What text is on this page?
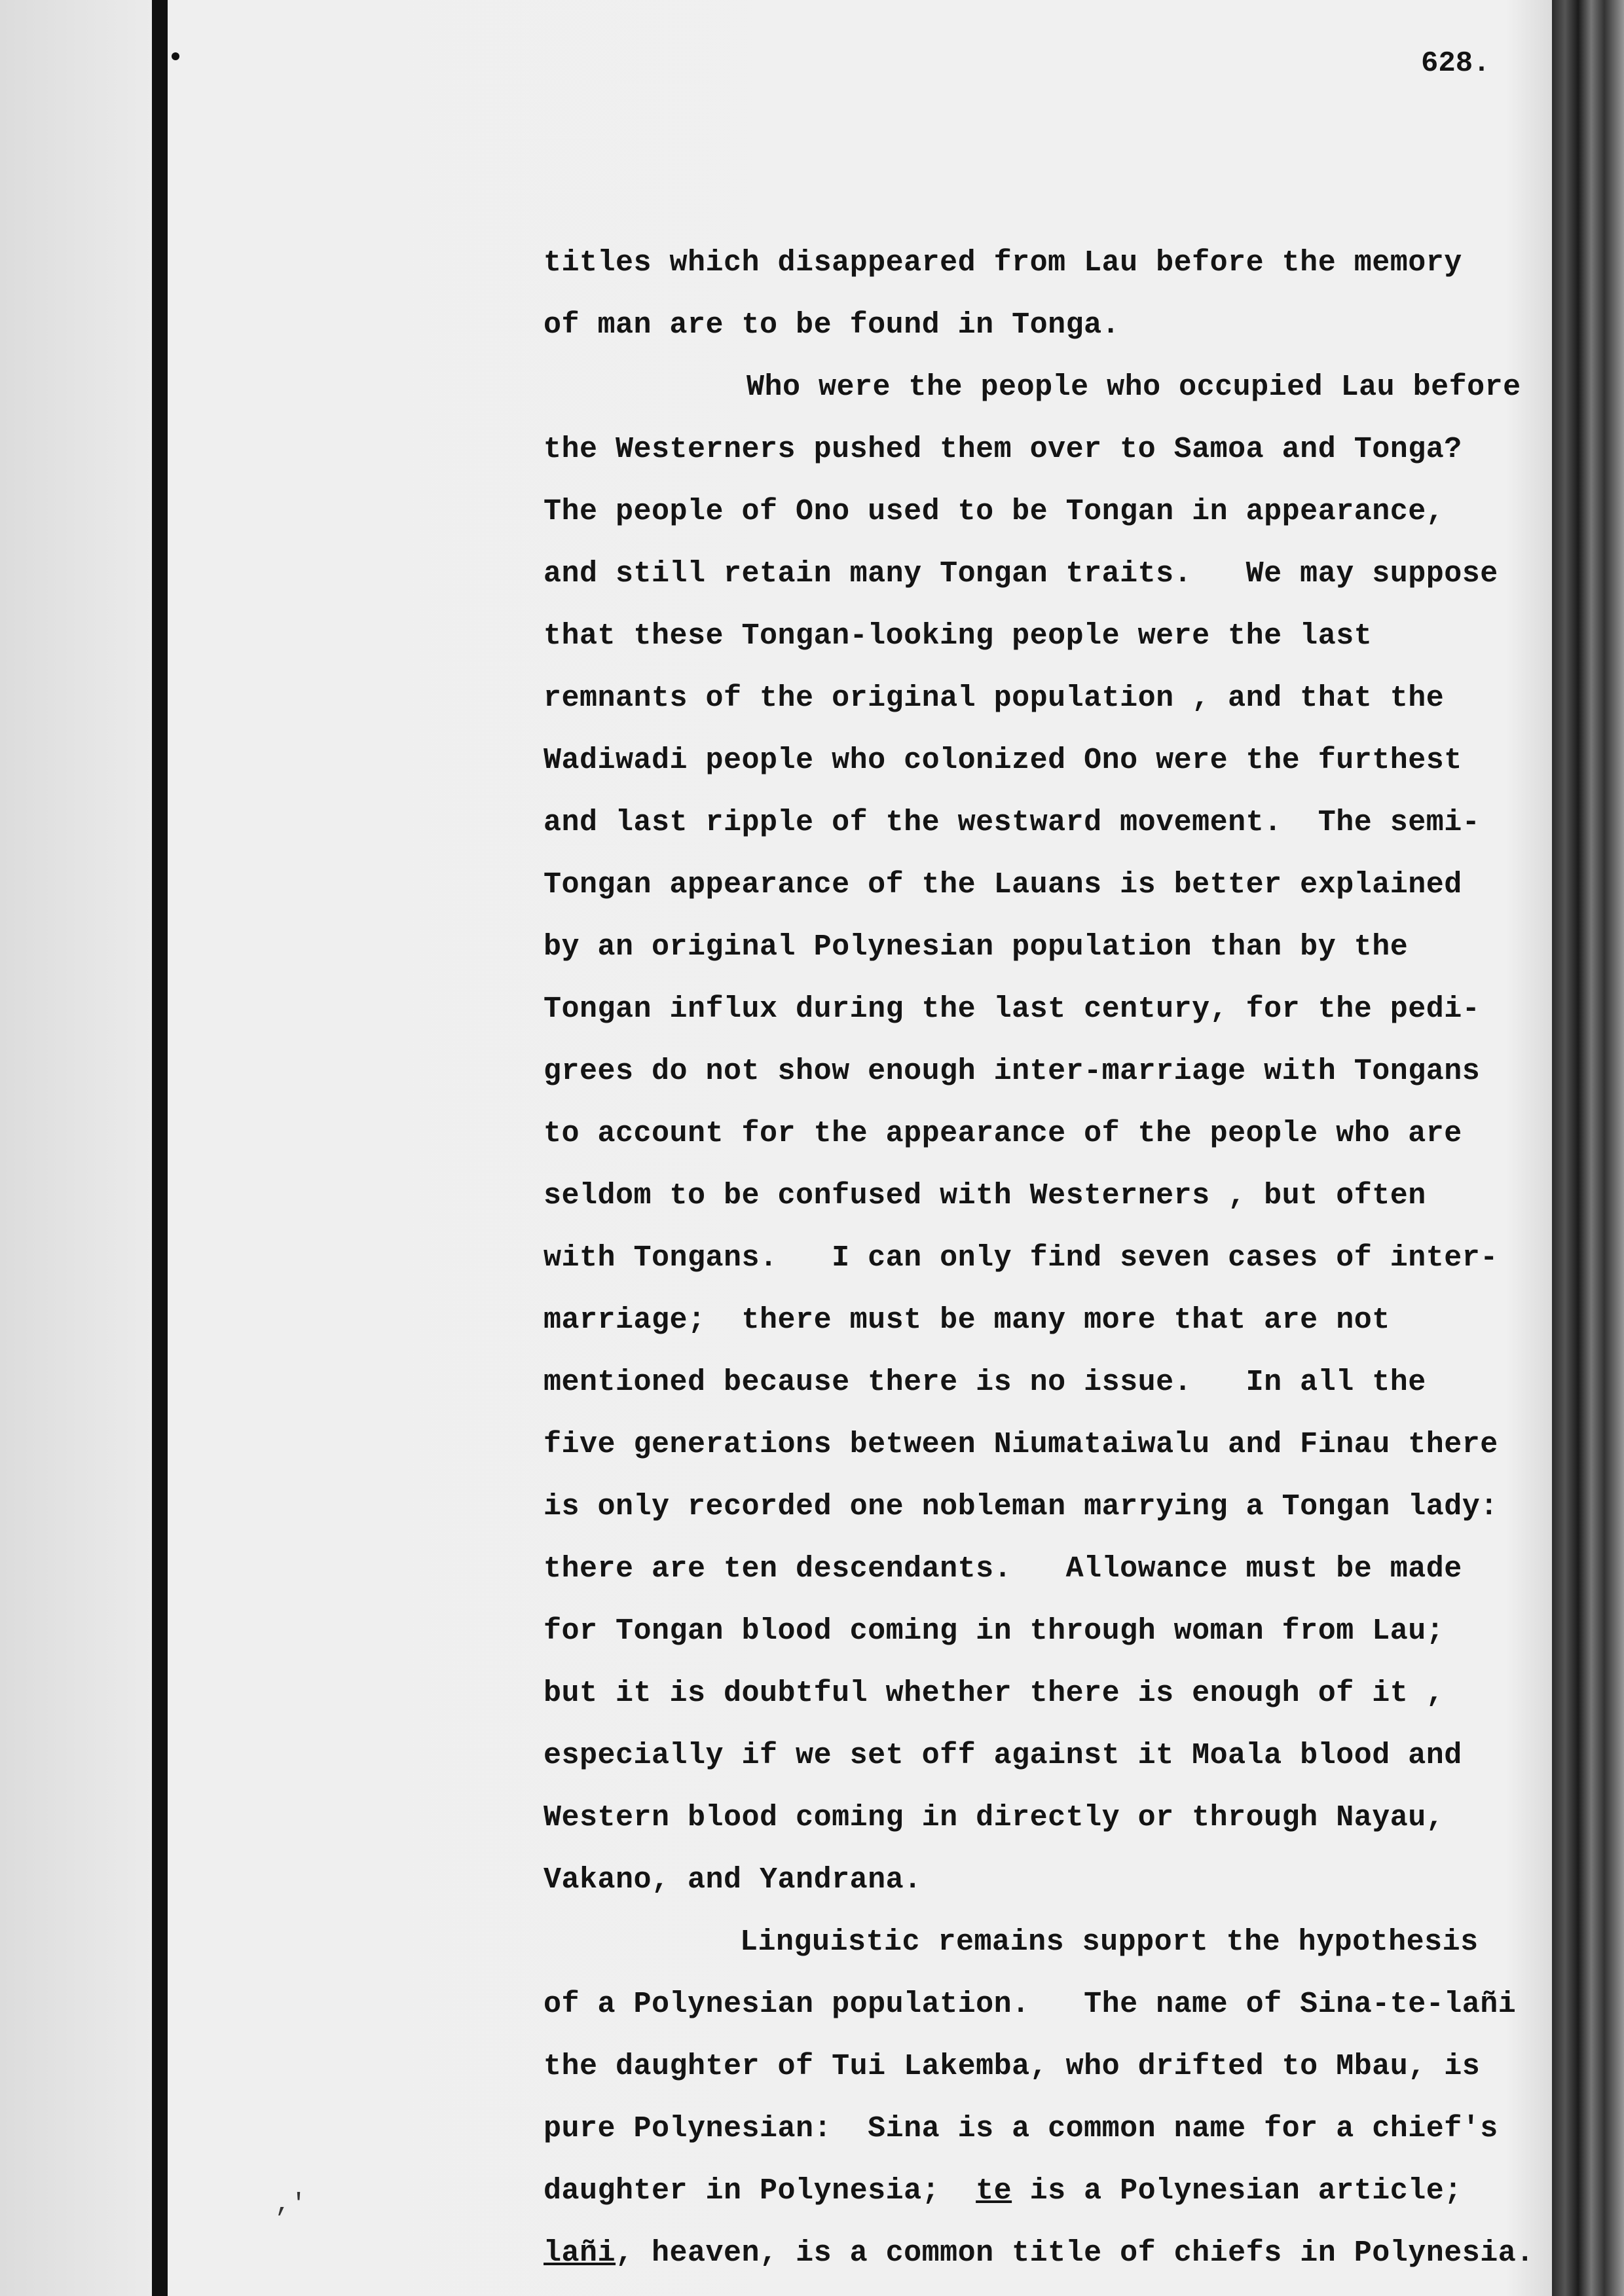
,'
628.
titles which disappeared from Lau before the memory
of man are to be found in Tonga.
Who were the people who occupied Lau before
the Westerners pushed them over to Samoa and Tonga?
The people of Ono used to be Tongan in appearance,
and still retain many Tongan traits.   We may suppose
that these Tongan-looking people were the last
remnants of the original population , and that the
Wadiwadi people who colonized Ono were the furthest
and last ripple of the westward movement.  The semi-
Tongan appearance of the Lauans is better explained
by an original Polynesian population than by the
Tongan influx during the last century, for the pedi-
grees do not show enough inter-marriage with Tongans
to account for the appearance of the people who are
seldom to be confused with Westerners , but often
with Tongans.   I can only find seven cases of inter-
marriage;  there must be many more that are not
mentioned because there is no issue.   In all the
five generations between Niumataiwalu and Finau there
is only recorded one nobleman marrying a Tongan lady:
there are ten descendants.   Allowance must be made
for Tongan blood coming in through woman from Lau;
but it is doubtful whether there is enough of it ,
especially if we set off against it Moala blood and
Western blood coming in directly or through Nayau,
Vakano, and Yandrana.
Linguistic remains support the hypothesis
of a Polynesian population.   The name of Sina-te-lañi
the daughter of Tui Lakemba, who drifted to Mbau, is
pure Polynesian:  Sina is a common name for a chief's
daughter in Polynesia;  te is a Polynesian article;
lañi, heaven, is a common title of chiefs in Polynesia.
